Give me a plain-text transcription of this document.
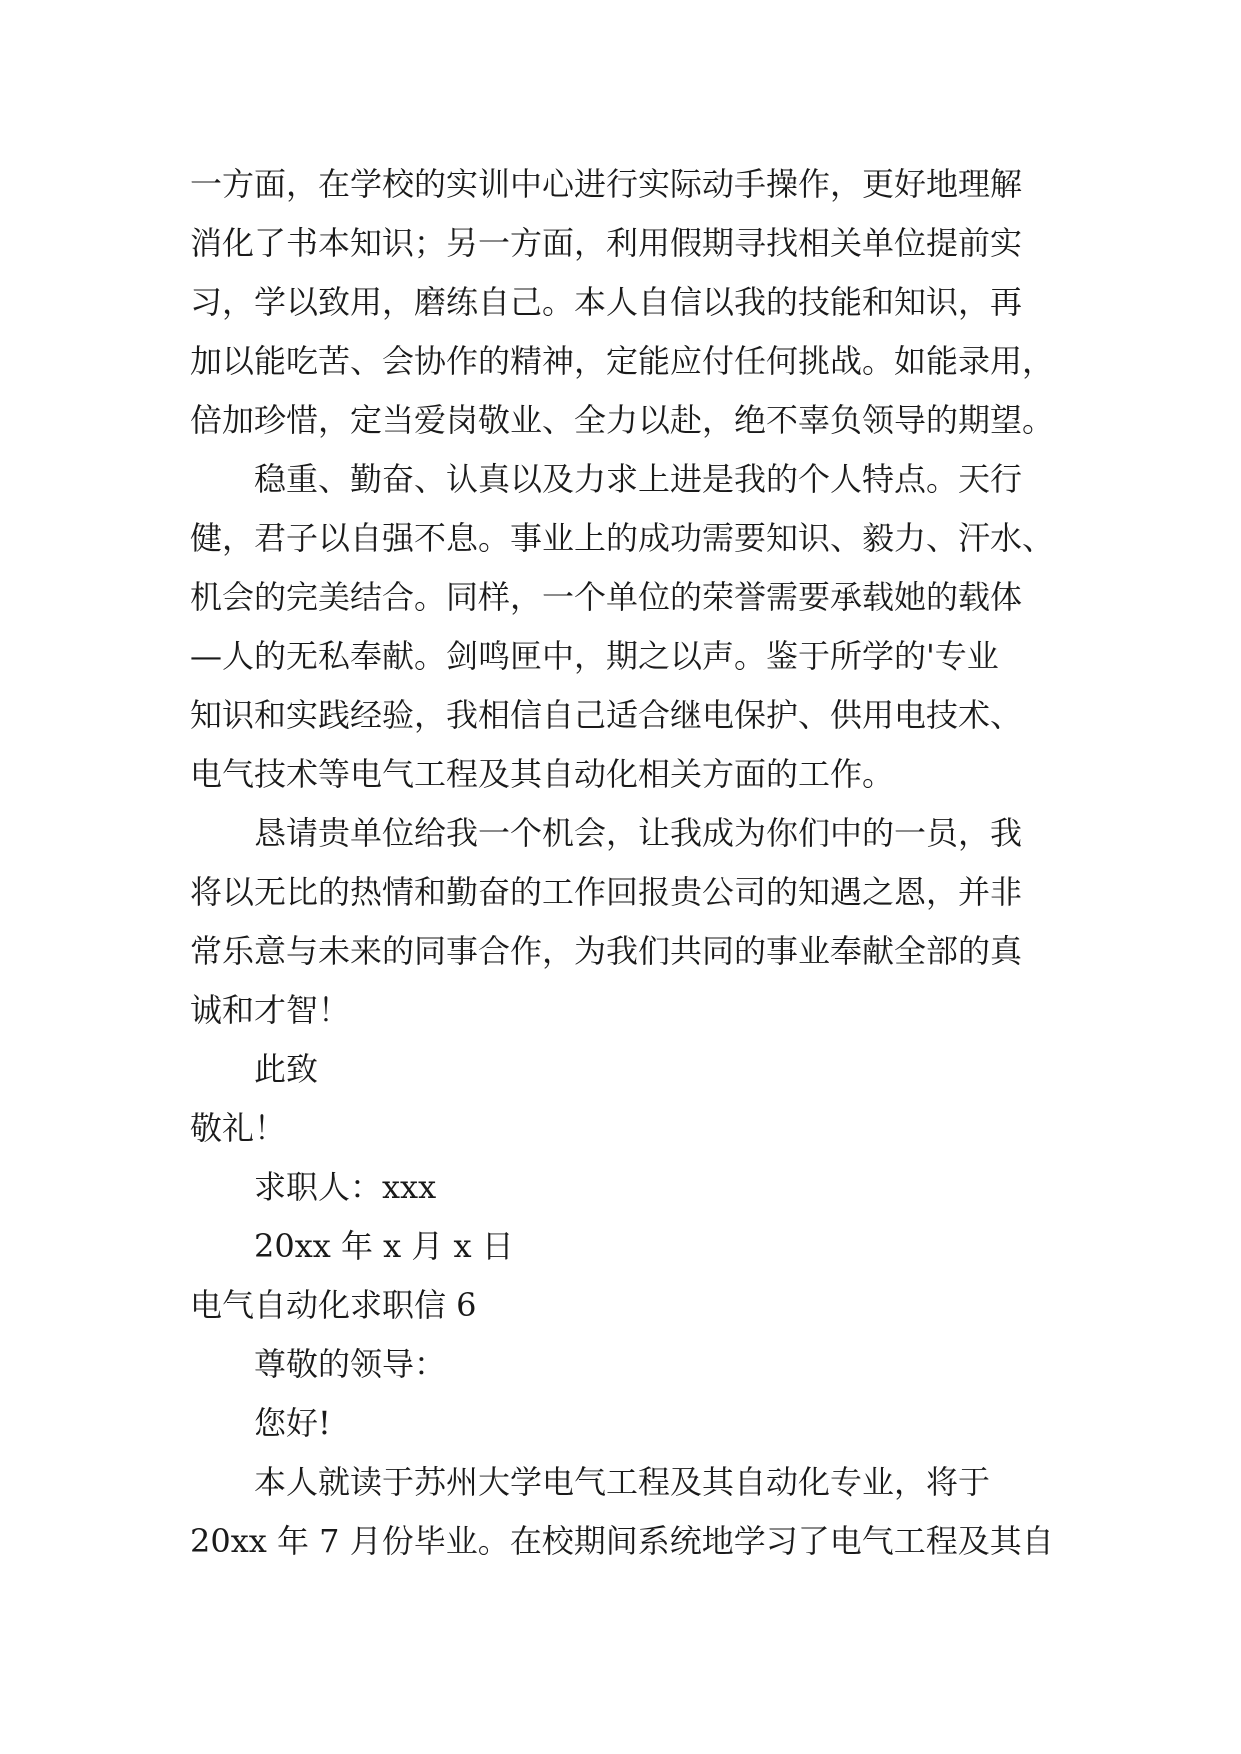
一方面，在学校的实训中心进行实际动手操作，更好地理解
消化了书本知识；另一方面，利用假期寻找相关单位提前实
习，学以致用，磨练自己。本人自信以我的技能和知识，再
加以能吃苦、会协作的精神，定能应付任何挑战。如能录用，
倍加珍惜，定当爱岗敬业、全力以赴，绝不辜负领导的期望。
稳重、勤奋、认真以及力求上进是我的个人特点。天行
健，君子以自强不息。事业上的成功需要知识、毅力、汗水、
机会的完美结合。同样，一个单位的荣誉需要承载她的载体
—人的无私奉献。剑鸣匣中，期之以声。鉴于所学的'专业
知识和实践经验，我相信自己适合继电保护、供用电技术、
电气技术等电气工程及其自动化相关方面的工作。
恳请贵单位给我一个机会，让我成为你们中的一员，我
将以无比的热情和勤奋的工作回报贵公司的知遇之恩，并非
常乐意与未来的同事合作，为我们共同的事业奉献全部的真
诚和才智！
此致
敬礼！
求职人：xxx
20xx 年 x 月 x 日
电气自动化求职信 6
尊敬的领导：
您好!
本人就读于苏州大学电气工程及其自动化专业，将于
20xx 年 7 月份毕业。在校期间系统地学习了电气工程及其自
